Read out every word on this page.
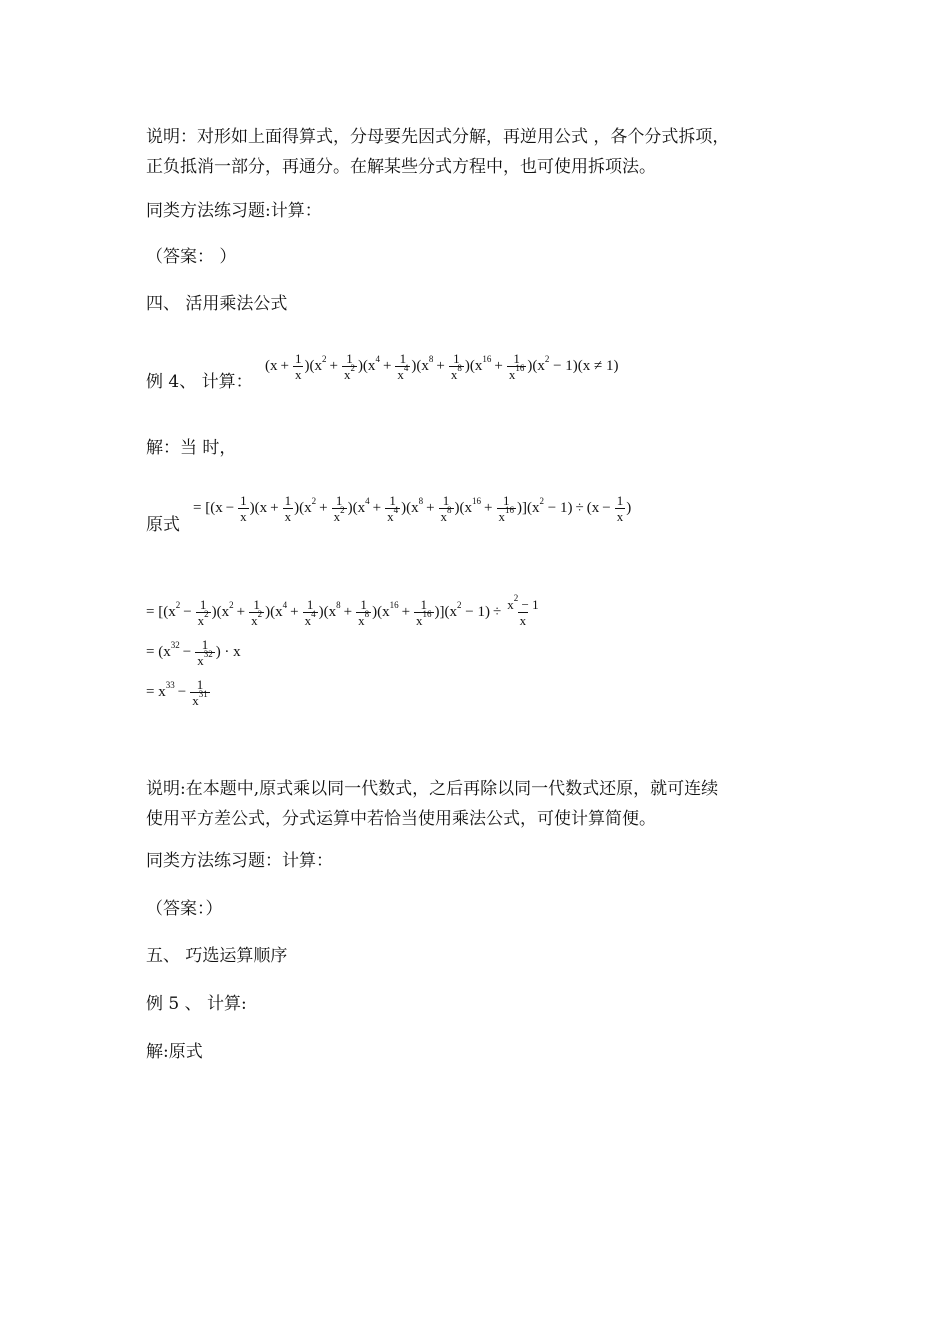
说明：对形如上面得算式，分母要先因式分解，再逆用公式 ，各个分式拆项，

正负抵消一部分，再通分。在解某些分式方程中，也可使用拆项法。

同类方法练习题:计算：
（答案： ）
四、 活用乘法公式
例 4、 计算：
$(x + \frac{1}{x} )(x^2 + \frac{1}{x^2} )(x^4 + \frac{1}{x^4} )(x^8 + \frac{1}{x^8} )(x^{16} + \frac{1}{x^{16}} )(x^2 - 1)(x \ne 1)$
解：当 时，
原式
= $[(x - \frac{1}{x} )(x + \frac{1}{x} )(x^2 + \frac{1}{x^2} )(x^4 + \frac{1}{x^4} )(x^8 + \frac{1}{x^8} )(x^{16} + \frac{1}{x^{16}} )](x^2 - 1) \div (x - \frac{1}{x}$ )
= $[(x^2 - \frac{1}{x^2} )(x^2 + \frac{1}{x^2} )(x^4 + \frac{1}{x^4} )(x^8 + \frac{1}{x^8} )(x^{16} + \frac{1}{x^{16}} )](x^2 - 1) \div \frac{x^2 - 1}{x}$
= ($x^{32} - \frac{1}{x^{32}}$ ) · x
= $x^{33} - \frac{1}{x^{31}}$

说明:在本题中,原式乘以同一代数式，之后再除以同一代数式还原，就可连续

使用平方差公式，分式运算中若恰当使用乘法公式，可使计算简便。

同类方法练习题：计算：
（答案：）
五、 巧选运算顺序
例 5 、 计算:
解:原式
